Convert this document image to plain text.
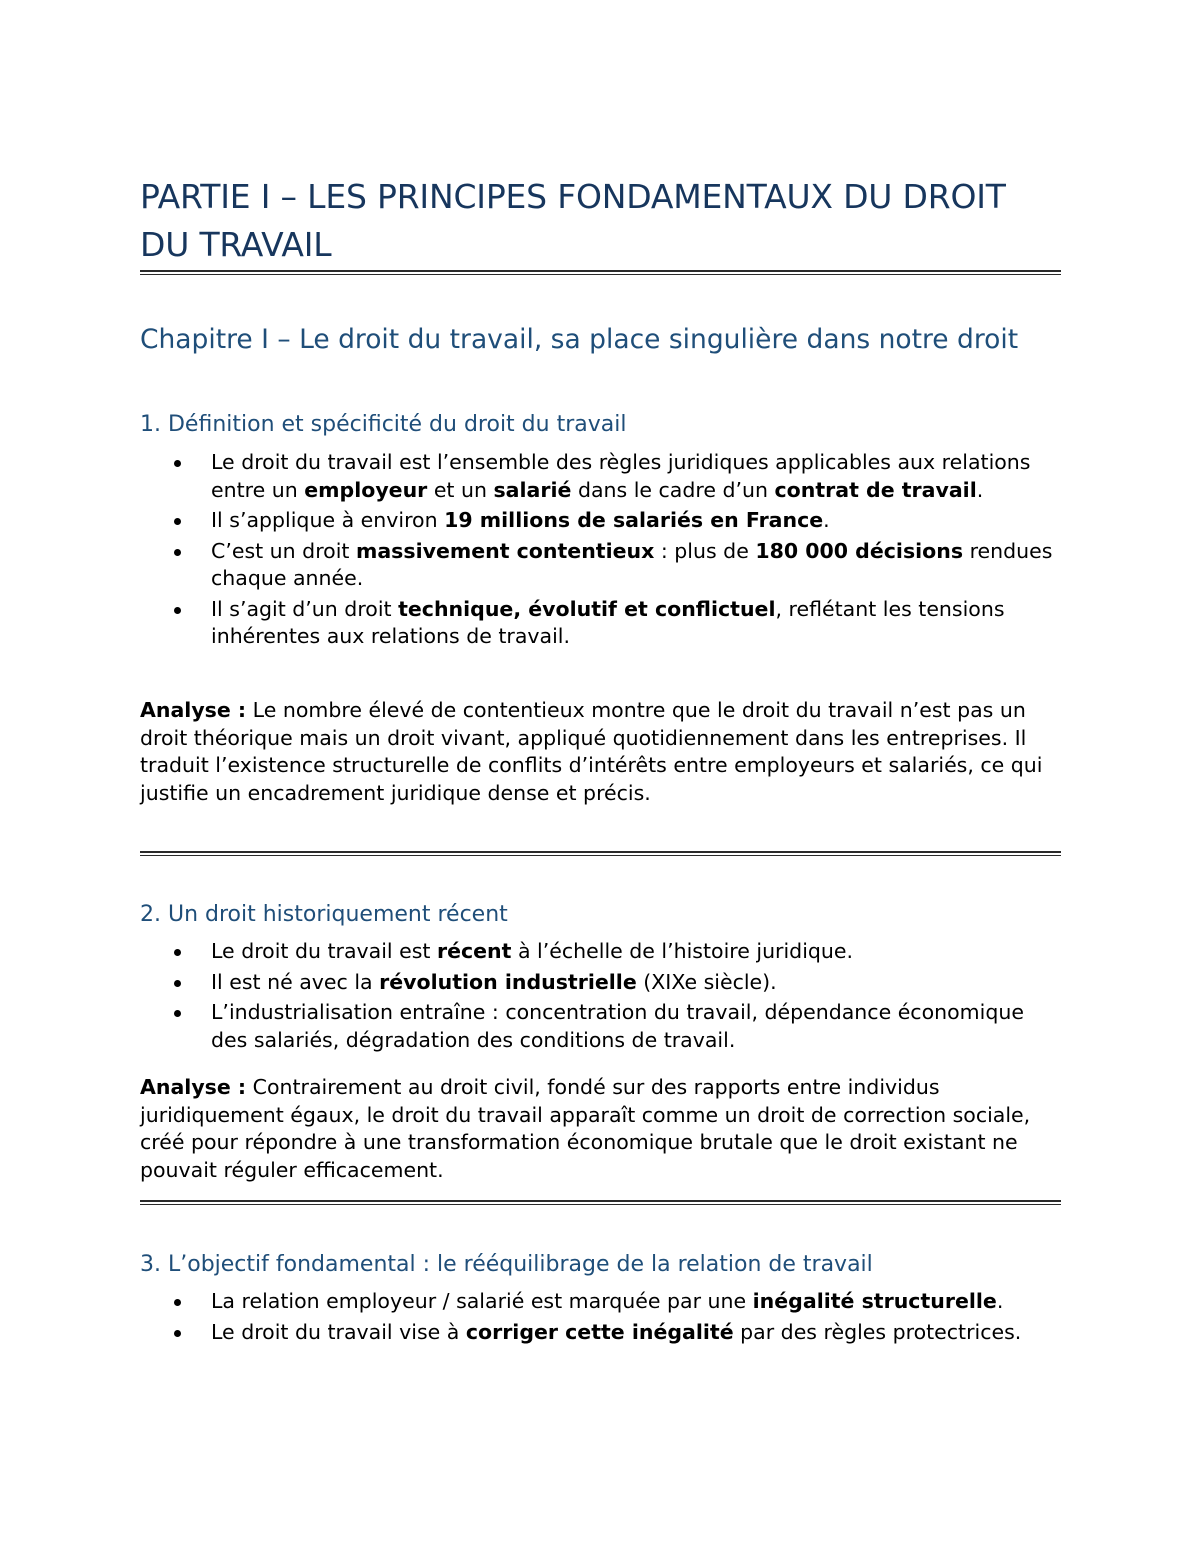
PARTIE I – LES PRINCIPES FONDAMENTAUX DU DROIT DU TRAVAIL
Chapitre I – Le droit du travail, sa place singulière dans notre droit
1. Définition et spécificité du droit du travail
Le droit du travail est l’ensemble des règles juridiques applicables aux relations entre un employeur et un salarié dans le cadre d’un contrat de travail.
Il s’applique à environ 19 millions de salariés en France.
C’est un droit massivement contentieux : plus de 180 000 décisions rendues chaque année.
Il s’agit d’un droit technique, évolutif et conflictuel, reflétant les tensions inhérentes aux relations de travail.

Analyse : Le nombre élevé de contentieux montre que le droit du travail n’est pas un droit théorique mais un droit vivant, appliqué quotidiennement dans les entreprises. Il traduit l’existence structurelle de conflits d’intérêts entre employeurs et salariés, ce qui justifie un encadrement juridique dense et précis.

2. Un droit historiquement récent
Le droit du travail est récent à l’échelle de l’histoire juridique.
Il est né avec la révolution industrielle (XIXe siècle).
L’industrialisation entraîne : concentration du travail, dépendance économique des salariés, dégradation des conditions de travail.

Analyse : Contrairement au droit civil, fondé sur des rapports entre individus juridiquement égaux, le droit du travail apparaît comme un droit de correction sociale, créé pour répondre à une transformation économique brutale que le droit existant ne pouvait réguler efficacement.

3. L’objectif fondamental : le rééquilibrage de la relation de travail
La relation employeur / salarié est marquée par une inégalité structurelle.
Le droit du travail vise à corriger cette inégalité par des règles protectrices.
